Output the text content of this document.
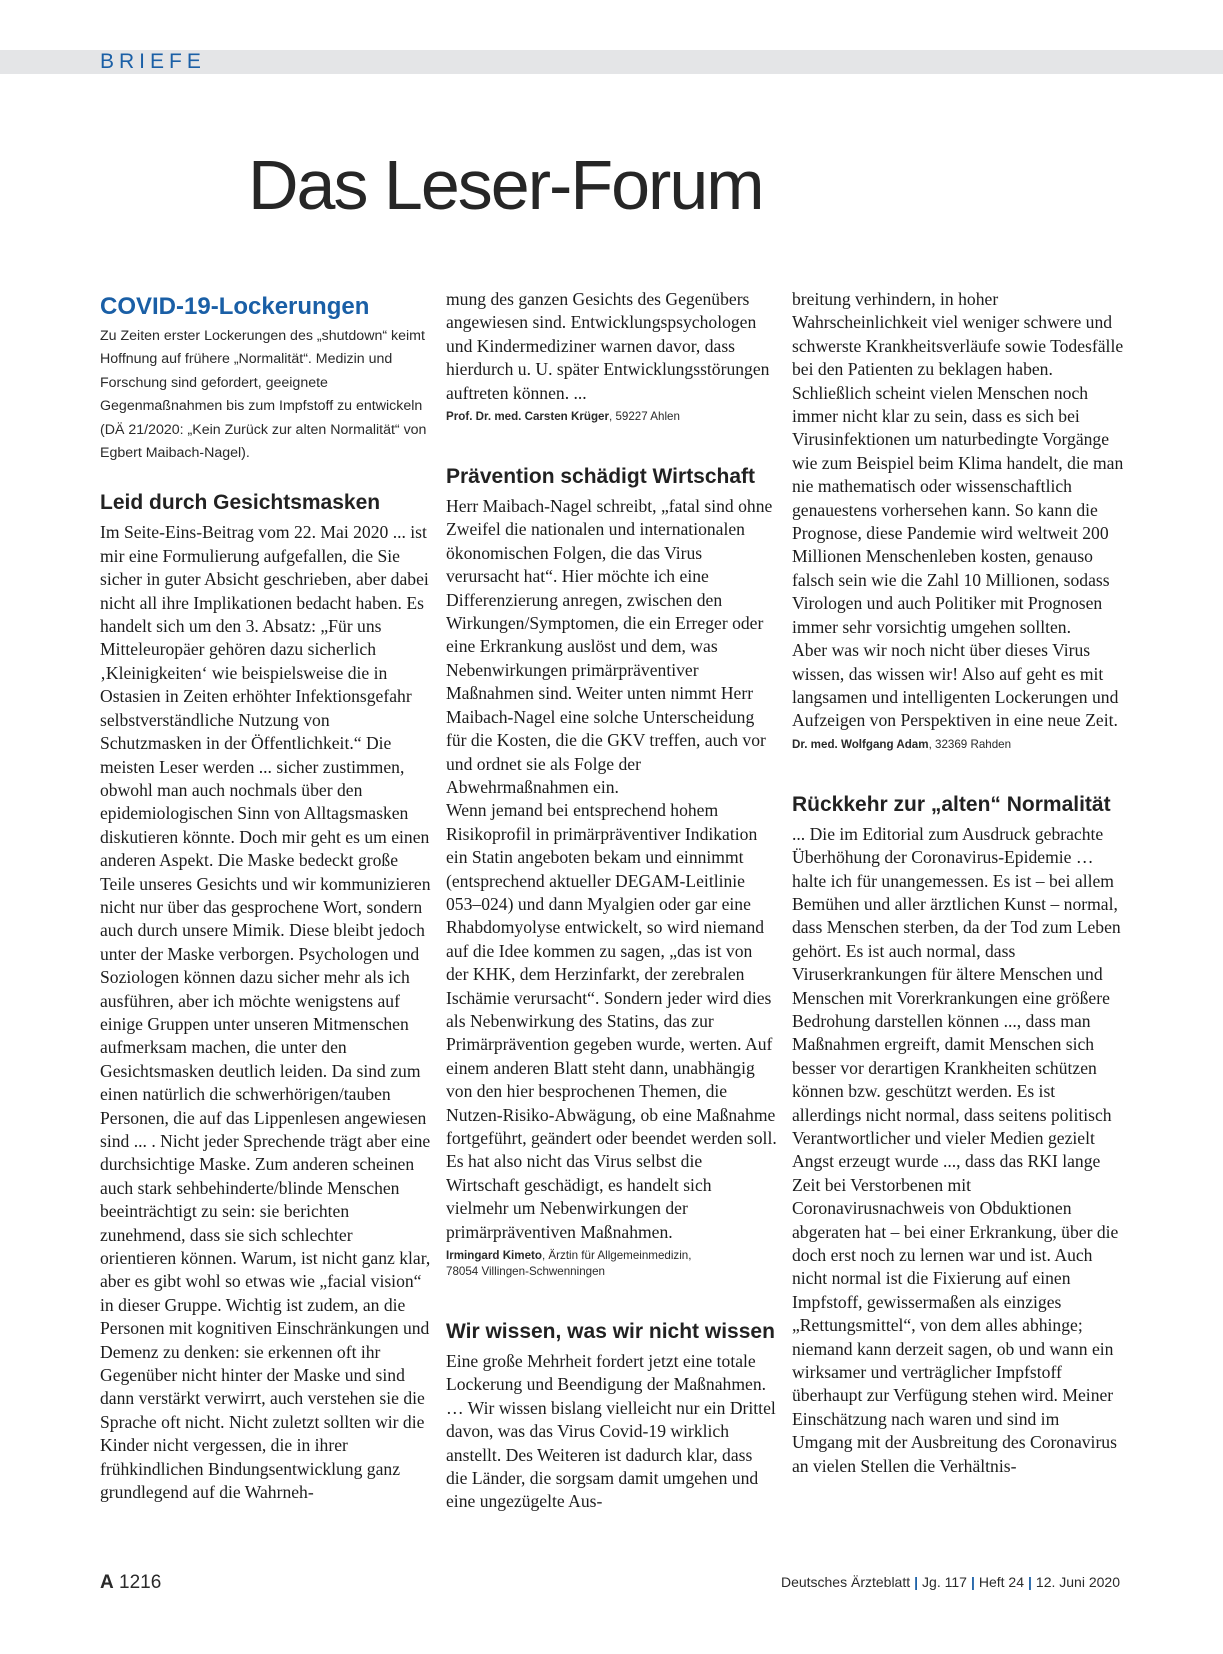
BRIEFE
Das Leser-Forum
COVID-19-Lockerungen

Zu Zeiten erster Lockerungen des „shutdown“ keimt Hoffnung auf frühere „Normalität“. Medizin und Forschung sind gefordert, geeignete Gegenmaßnahmen bis zum Impfstoff zu entwickeln (DÄ 21/2020: „Kein Zurück zur alten Normalität“ von Egbert Maibach-Nagel).

Leid durch Gesichtsmasken

Im Seite-Eins-Beitrag vom 22. Mai 2020 ... ist mir eine Formulierung aufgefallen, die Sie sicher in guter Absicht geschrieben, aber dabei nicht all ihre Implikationen bedacht haben. Es handelt sich um den 3. Absatz: „Für uns Mitteleuropäer gehören dazu sicherlich ‚Kleinigkeiten‘ wie beispielsweise die in Ostasien in Zeiten erhöhter Infektionsgefahr selbstverständliche Nutzung von Schutzmasken in der Öffentlichkeit.“ Die meisten Leser werden ... sicher zustimmen, obwohl man auch nochmals über den epidemiologischen Sinn von Alltagsmasken diskutieren könnte. Doch mir geht es um einen anderen Aspekt. Die Maske bedeckt große Teile unseres Gesichts und wir kommunizieren nicht nur über das gesprochene Wort, sondern auch durch unsere Mimik. Diese bleibt jedoch unter der Maske verborgen. Psychologen und Soziologen können dazu sicher mehr als ich ausführen, aber ich möchte wenigstens auf einige Gruppen unter unseren Mitmenschen aufmerksam machen, die unter den Gesichtsmasken deutlich leiden. Da sind zum einen natürlich die schwerhörigen/tauben Personen, die auf das Lippenlesen angewiesen sind ... . Nicht jeder Sprechende trägt aber eine durchsichtige Maske. Zum anderen scheinen auch stark sehbehinderte/blinde Menschen beeinträchtigt zu sein: sie berichten zunehmend, dass sie sich schlechter orientieren können. Warum, ist nicht ganz klar, aber es gibt wohl so etwas wie „facial vision“ in dieser Gruppe. Wichtig ist zudem, an die Personen mit kognitiven Einschränkungen und Demenz zu denken: sie erkennen oft ihr Gegenüber nicht hinter der Maske und sind dann verstärkt verwirrt, auch verstehen sie die Sprache oft nicht. Nicht zuletzt sollten wir die Kinder nicht vergessen, die in ihrer frühkindlichen Bindungsentwicklung ganz grundlegend auf die Wahrneh-

mung des ganzen Gesichts des Gegenübers angewiesen sind. Entwicklungspsychologen und Kindermediziner warnen davor, dass hierdurch u. U. später Entwicklungsstörungen auftreten können. ...

Prof. Dr. med. Carsten Krüger, 59227 Ahlen

Prävention schädigt Wirtschaft

Herr Maibach-Nagel schreibt, „fatal sind ohne Zweifel die nationalen und internationalen ökonomischen Folgen, die das Virus verursacht hat“. Hier möchte ich eine Differenzierung anregen, zwischen den Wirkungen/Symptomen, die ein Erreger oder eine Erkrankung auslöst und dem, was Nebenwirkungen primärpräventiver Maßnahmen sind. Weiter unten nimmt Herr Maibach-Nagel eine solche Unterscheidung für die Kosten, die die GKV treffen, auch vor und ordnet sie als Folge der Abwehrmaßnahmen ein.
Wenn jemand bei entsprechend hohem Risikoprofil in primärpräventiver Indikation ein Statin angeboten bekam und einnimmt (entsprechend aktueller DEGAM-Leitlinie 053–024) und dann Myalgien oder gar eine Rhabdomyolyse entwickelt, so wird niemand auf die Idee kommen zu sagen, „das ist von der KHK, dem Herzinfarkt, der zerebralen Ischämie verursacht“. Sondern jeder wird dies als Nebenwirkung des Statins, das zur Primärprävention gegeben wurde, werten. Auf einem anderen Blatt steht dann, unabhängig von den hier besprochenen Themen, die Nutzen-Risiko-Abwägung, ob eine Maßnahme fortgeführt, geändert oder beendet werden soll. Es hat also nicht das Virus selbst die Wirtschaft geschädigt, es handelt sich vielmehr um Nebenwirkungen der primärpräventiven Maßnahmen.

Irmingard Kimeto, Ärztin für Allgemeinmedizin,
78054 Villingen-Schwenningen

Wir wissen, was wir nicht wissen

Eine große Mehrheit fordert jetzt eine totale Lockerung und Beendigung der Maßnahmen. … Wir wissen bislang vielleicht nur ein Drittel davon, was das Virus Covid-19 wirklich anstellt. Des Weiteren ist dadurch klar, dass die Länder, die sorgsam damit umgehen und eine ungezügelte Aus-

breitung verhindern, in hoher Wahrscheinlichkeit viel weniger schwere und schwerste Krankheitsverläufe sowie Todesfälle bei den Patienten zu beklagen haben. Schließlich scheint vielen Menschen noch immer nicht klar zu sein, dass es sich bei Virusinfektionen um naturbedingte Vorgänge wie zum Beispiel beim Klima handelt, die man nie mathematisch oder wissenschaftlich genauestens vorhersehen kann. So kann die Prognose, diese Pandemie wird weltweit 200 Millionen Menschenleben kosten, genauso falsch sein wie die Zahl 10 Millionen, sodass Virologen und auch Politiker mit Prognosen immer sehr vorsichtig umgehen sollten.
Aber was wir noch nicht über dieses Virus wissen, das wissen wir! Also auf geht es mit langsamen und intelligenten Lockerungen und Aufzeigen von Perspektiven in eine neue Zeit.

Dr. med. Wolfgang Adam, 32369 Rahden

Rückkehr zur „alten“ Normalität

... Die im Editorial zum Ausdruck gebrachte Überhöhung der Coronavirus-Epidemie … halte ich für unangemessen. Es ist – bei allem Bemühen und aller ärztlichen Kunst – normal, dass Menschen sterben, da der Tod zum Leben gehört. Es ist auch normal, dass Viruserkrankungen für ältere Menschen und Menschen mit Vorerkrankungen eine größere Bedrohung darstellen können ..., dass man Maßnahmen ergreift, damit Menschen sich besser vor derartigen Krankheiten schützen können bzw. geschützt werden. Es ist allerdings nicht normal, dass seitens politisch Verantwortlicher und vieler Medien gezielt Angst erzeugt wurde ..., dass das RKI lange Zeit bei Verstorbenen mit Coronavirusnachweis von Obduktionen abgeraten hat – bei einer Erkrankung, über die doch erst noch zu lernen war und ist. Auch nicht normal ist die Fixierung auf einen Impfstoff, gewissermaßen als einziges „Rettungsmittel“, von dem alles abhinge; niemand kann derzeit sagen, ob und wann ein wirksamer und verträglicher Impfstoff überhaupt zur Verfügung stehen wird. Meiner Einschätzung nach waren und sind im Umgang mit der Ausbreitung des Coronavirus an vielen Stellen die Verhältnis-

A 1216	Deutsches Ärzteblatt | Jg. 117 | Heft 24 | 12. Juni 2020
